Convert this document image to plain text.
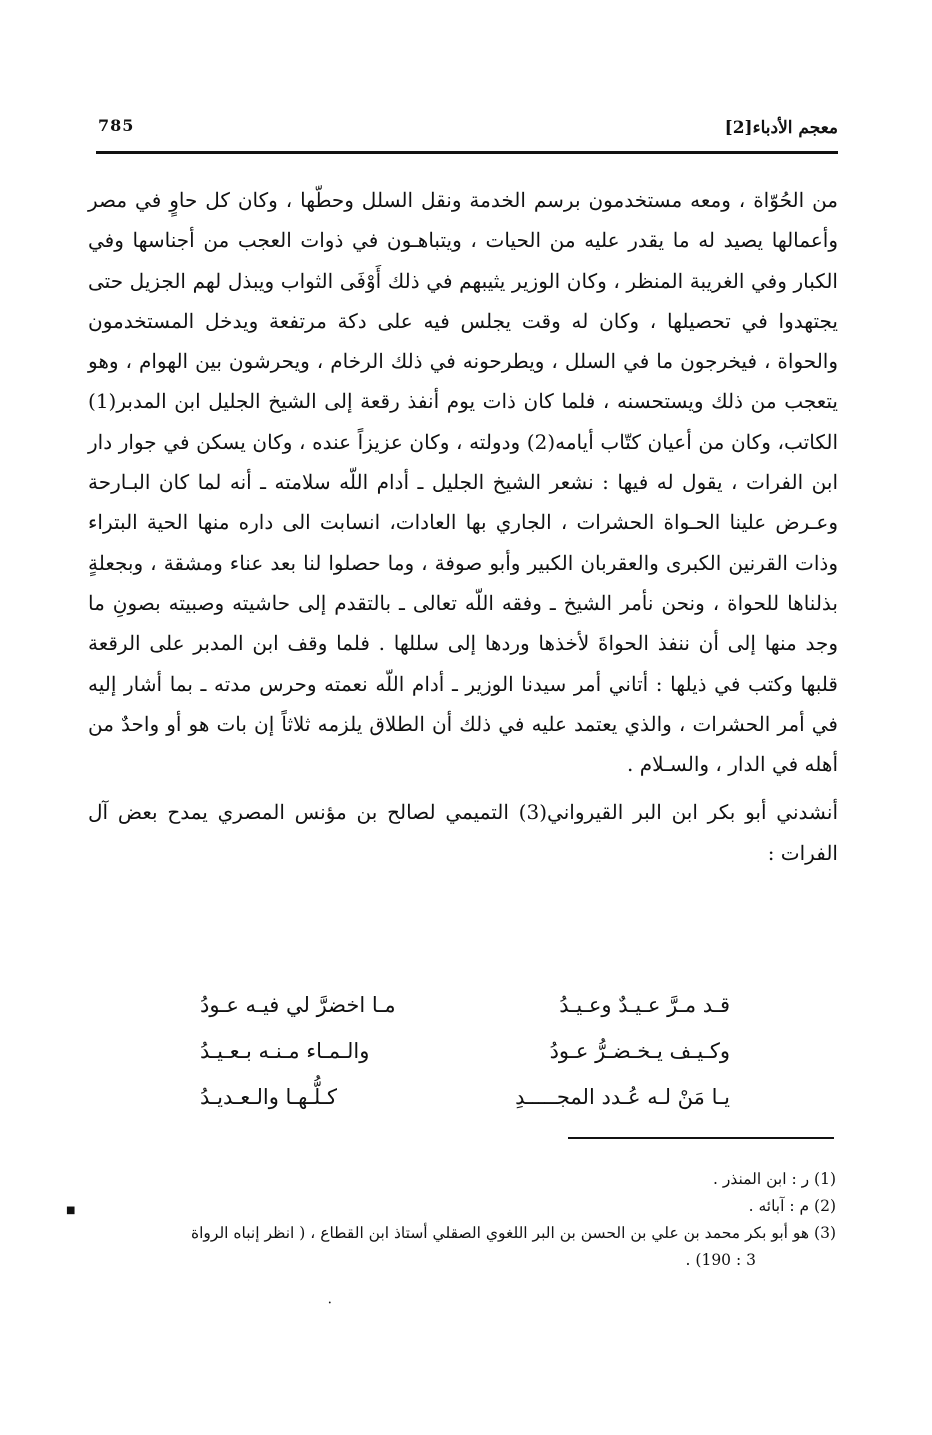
معجم الأدباء[2]
785

من الحُوّاة ، ومعه مستخدمون برسم الخدمة ونقل السلل وحطّها ، وكان كل حاوٍ في مصر وأعمالها يصيد له ما يقدر عليه من الحيات ، ويتباهـون في ذوات العجب من أجناسها وفي الكبار وفي الغريبة المنظر ، وكان الوزير يثيبهم في ذلك أَوْفَى الثواب ويبذل لهم الجزيل حتى يجتهدوا في تحصيلها ، وكان له وقت يجلس فيه على دكة مرتفعة ويدخل المستخدمون والحواة ، فيخرجون ما في السلل ، ويطرحونه في ذلك الرخام ، ويحرشون بين الهوام ، وهو يتعجب من ذلك ويستحسنه ، فلما كان ذات يوم أنفذ رقعة إلى الشيخ الجليل ابن المدبر(1) الكاتب، وكان من أعيان كتّاب أيامه(2) ودولته ، وكان عزيزاً عنده ، وكان يسكن في جوار دار ابن الفرات ، يقول له فيها : نشعر الشيخ الجليل ـ أدام اللّه سلامته ـ أنه لما كان البـارحة وعـرض علينا الحـواة الحشرات ، الجاري بها العادات، انسابت الى داره منها الحية البتراء وذات القرنين الكبرى والعقربان الكبير وأبو صوفة ، وما حصلوا لنا بعد عناء ومشقة ، وبجعلةٍ بذلناها للحواة ، ونحن نأمر الشيخ ـ وفقه اللّه تعالى ـ بالتقدم إلى حاشيته وصبيته بصونِ ما وجد منها إلى أن ننفذ الحواةَ لأخذها وردها إلى سللها . فلما وقف ابن المدبر على الرقعة قلبها وكتب في ذيلها : أتاني أمر سيدنا الوزير ـ أدام اللّه نعمته وحرس مدته ـ بما أشار إليه في أمر الحشرات ، والذي يعتمد عليه في ذلك أن الطلاق يلزمه ثلاثاً إن بات هو أو واحدٌ من أهله في الدار ، والسـلام .

أنشدني أبو بكر ابن البر القيرواني(3) التميمي لصالح بن مؤنس المصري يمدح بعض آل الفرات :

قـد مـرَّ عـيـدٌ وعـيـدُ
مـا اخضرَّ لي فيـه عـودُ
وكـيـف يـخـضـرُّ عـودُ
والـمـاء مـنـه بـعـيـدُ
يـا مَنْ لـه عُـدد المجـــــدِ
كـلُّـهـا والـعـديـدُ

(1) ر : ابن المنذر .

(2) م : آبائه .

(3) هو أبو بكر محمد بن علي بن الحسن بن البر اللغوي الصقلي أستاذ ابن القطاع ، ( انظر إنباه الرواة

3 : 190) .

■
•
